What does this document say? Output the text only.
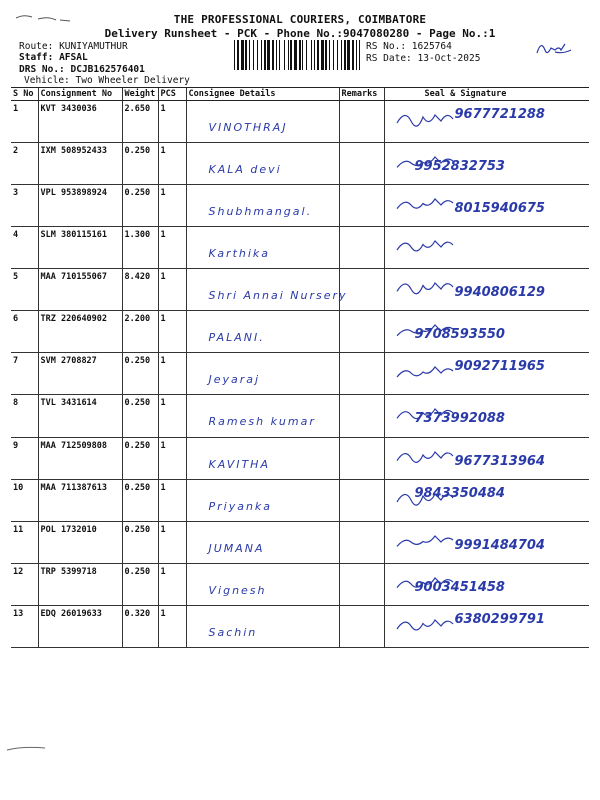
THE PROFESSIONAL COURIERS, COIMBATORE
Delivery Runsheet - PCK - Phone No.:9047080280 - Page No.:1
Route: KUNIYAMUTHUR
Staff: AFSAL
DRS No.: DCJB162576401
Vehicle: Two Wheeler Delivery
RS No.: 1625764
RS Date: 13-Oct-2025
S No	Consignment No	Weight	PCS	Consignee Details	Remarks	Seal & Signature
1	KVT 3430036	2.650	1	VINOTHRAJ		9677721288

2	IXM 508952433	0.250	1	KALA devi		9952832753

3	VPL 953898924	0.250	1	Shubhmangal.		8015940675

4	SLM 380115161	1.300	1	Karthika

5	MAA 710155067	8.420	1	Shri Annai Nursery		9940806129

6	TRZ 220640902	2.200	1	PALANI.		9708593550

7	SVM 2708827	0.250	1	Jeyaraj		9092711965

8	TVL 3431614	0.250	1	Ramesh kumar		7373992088

9	MAA 712509808	0.250	1	KAVITHA		9677313964

10	MAA 711387613	0.250	1	Priyanka		9843350484

11	POL 1732010	0.250	1	JUMANA		9991484704

12	TRP 5399718	0.250	1	Vignesh		9003451458

13	EDQ 26019633	0.320	1	Sachin		6380299791
